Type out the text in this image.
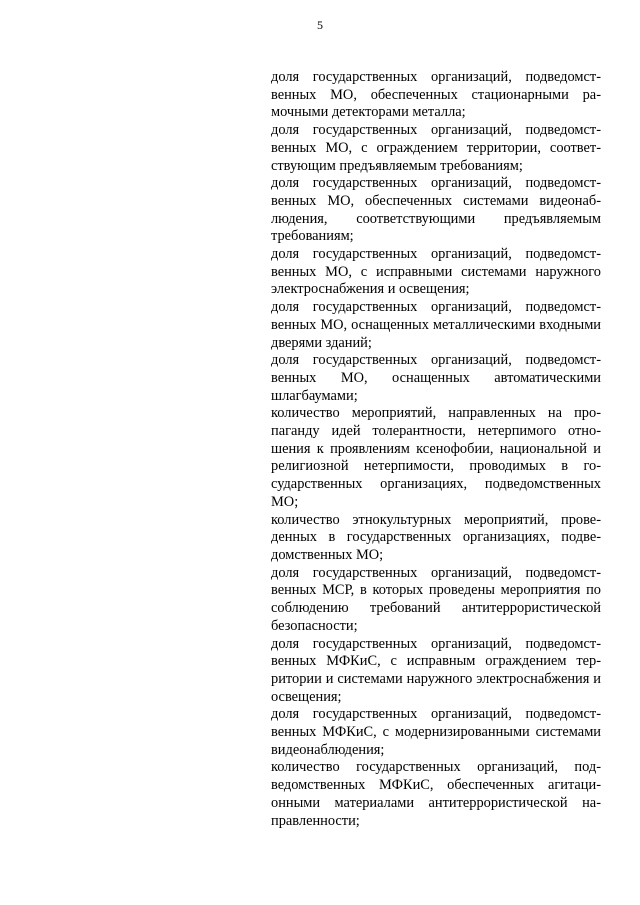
5

доля государственных организаций, подведомственных МО, обеспеченных стационарными рамочными детекторами металла;

доля государственных организаций, подведомственных МО, с ограждением территории, соответствующим предъявляемым требованиям;

доля государственных организаций, подведомственных МО, обеспеченных системами видеонаблюдения, соответствующими предъявляемым требованиям;

доля государственных организаций, подведомственных МО, с исправными системами наружного электроснабжения и освещения;

доля государственных организаций, подведомственных МО, оснащенных металлическими входными дверями зданий;

доля государственных организаций, подведомственных МО, оснащенных автоматическими шлагбаумами;

количество мероприятий, направленных на пропаганду идей толерантности, нетерпимого отношения к проявлениям ксенофобии, национальной и религиозной нетерпимости, проводимых в государственных организациях, подведомственных МО;

количество этнокультурных мероприятий, проведенных в государственных организациях, подведомственных МО;

доля государственных организаций, подведомственных МСР, в которых проведены мероприятия по соблюдению требований антитеррористической безопасности;

доля государственных организаций, подведомственных МФКиС, с исправным ограждением территории и системами наружного электроснабжения и освещения;

доля государственных организаций, подведомственных МФКиС, с модернизированными системами видеонаблюдения;

количество государственных организаций, подведомственных МФКиС, обеспеченных агитационными материалами антитеррористической направленности;
